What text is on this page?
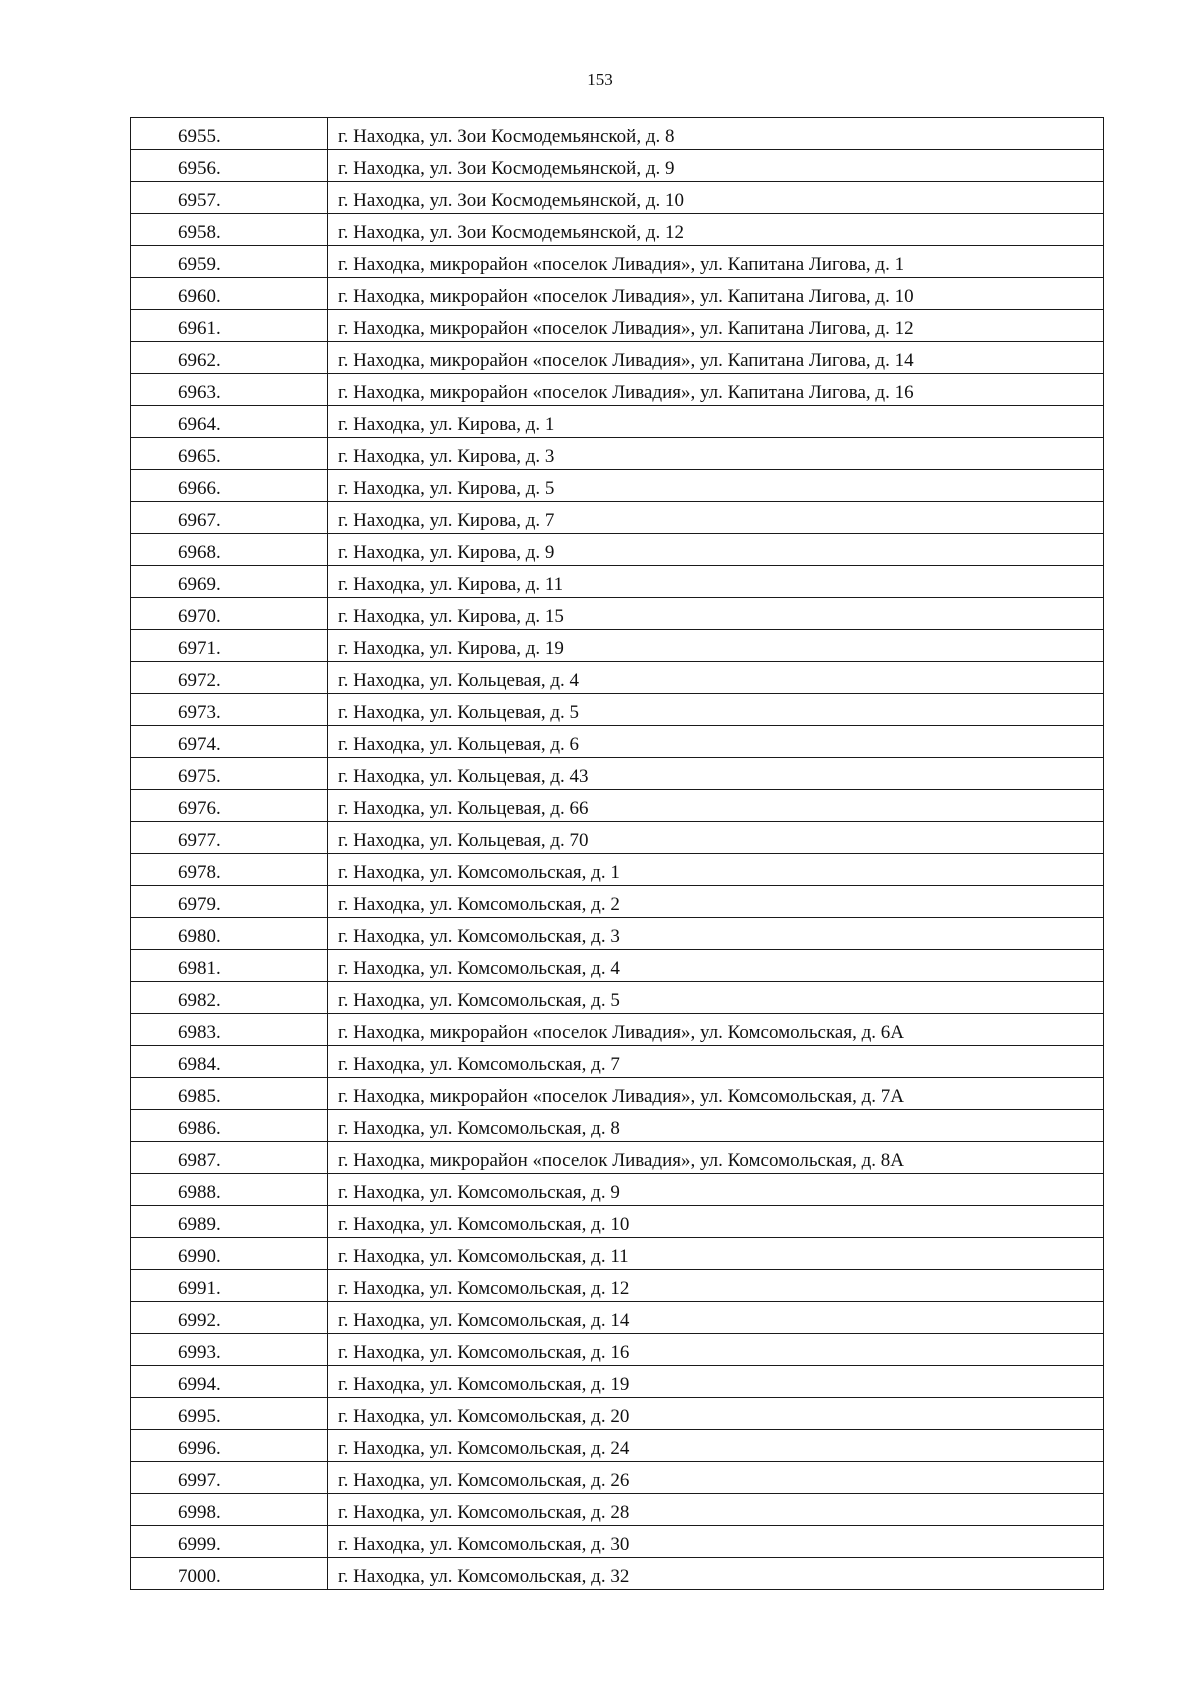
153
6955.	г. Находка, ул. Зои Космодемьянской, д. 8
6956.	г. Находка, ул. Зои Космодемьянской, д. 9
6957.	г. Находка, ул. Зои Космодемьянской, д. 10
6958.	г. Находка, ул. Зои Космодемьянской, д. 12
6959.	г. Находка, микрорайон «поселок Ливадия», ул. Капитана Лигова, д. 1
6960.	г. Находка, микрорайон «поселок Ливадия», ул. Капитана Лигова, д. 10
6961.	г. Находка, микрорайон «поселок Ливадия», ул. Капитана Лигова, д. 12
6962.	г. Находка, микрорайон «поселок Ливадия», ул. Капитана Лигова, д. 14
6963.	г. Находка, микрорайон «поселок Ливадия», ул. Капитана Лигова, д. 16
6964.	г. Находка, ул. Кирова, д. 1
6965.	г. Находка, ул. Кирова, д. 3
6966.	г. Находка, ул. Кирова, д. 5
6967.	г. Находка, ул. Кирова, д. 7
6968.	г. Находка, ул. Кирова, д. 9
6969.	г. Находка, ул. Кирова, д. 11
6970.	г. Находка, ул. Кирова, д. 15
6971.	г. Находка, ул. Кирова, д. 19
6972.	г. Находка, ул. Кольцевая, д. 4
6973.	г. Находка, ул. Кольцевая, д. 5
6974.	г. Находка, ул. Кольцевая, д. 6
6975.	г. Находка, ул. Кольцевая, д. 43
6976.	г. Находка, ул. Кольцевая, д. 66
6977.	г. Находка, ул. Кольцевая, д. 70
6978.	г. Находка, ул. Комсомольская, д. 1
6979.	г. Находка, ул. Комсомольская, д. 2
6980.	г. Находка, ул. Комсомольская, д. 3
6981.	г. Находка, ул. Комсомольская, д. 4
6982.	г. Находка, ул. Комсомольская, д. 5
6983.	г. Находка, микрорайон «поселок Ливадия», ул. Комсомольская, д. 6А
6984.	г. Находка, ул. Комсомольская, д. 7
6985.	г. Находка, микрорайон «поселок Ливадия», ул. Комсомольская, д. 7А
6986.	г. Находка, ул. Комсомольская, д. 8
6987.	г. Находка, микрорайон «поселок Ливадия», ул. Комсомольская, д. 8А
6988.	г. Находка, ул. Комсомольская, д. 9
6989.	г. Находка, ул. Комсомольская, д. 10
6990.	г. Находка, ул. Комсомольская, д. 11
6991.	г. Находка, ул. Комсомольская, д. 12
6992.	г. Находка, ул. Комсомольская, д. 14
6993.	г. Находка, ул. Комсомольская, д. 16
6994.	г. Находка, ул. Комсомольская, д. 19
6995.	г. Находка, ул. Комсомольская, д. 20
6996.	г. Находка, ул. Комсомольская, д. 24
6997.	г. Находка, ул. Комсомольская, д. 26
6998.	г. Находка, ул. Комсомольская, д. 28
6999.	г. Находка, ул. Комсомольская, д. 30
7000.	г. Находка, ул. Комсомольская, д. 32
